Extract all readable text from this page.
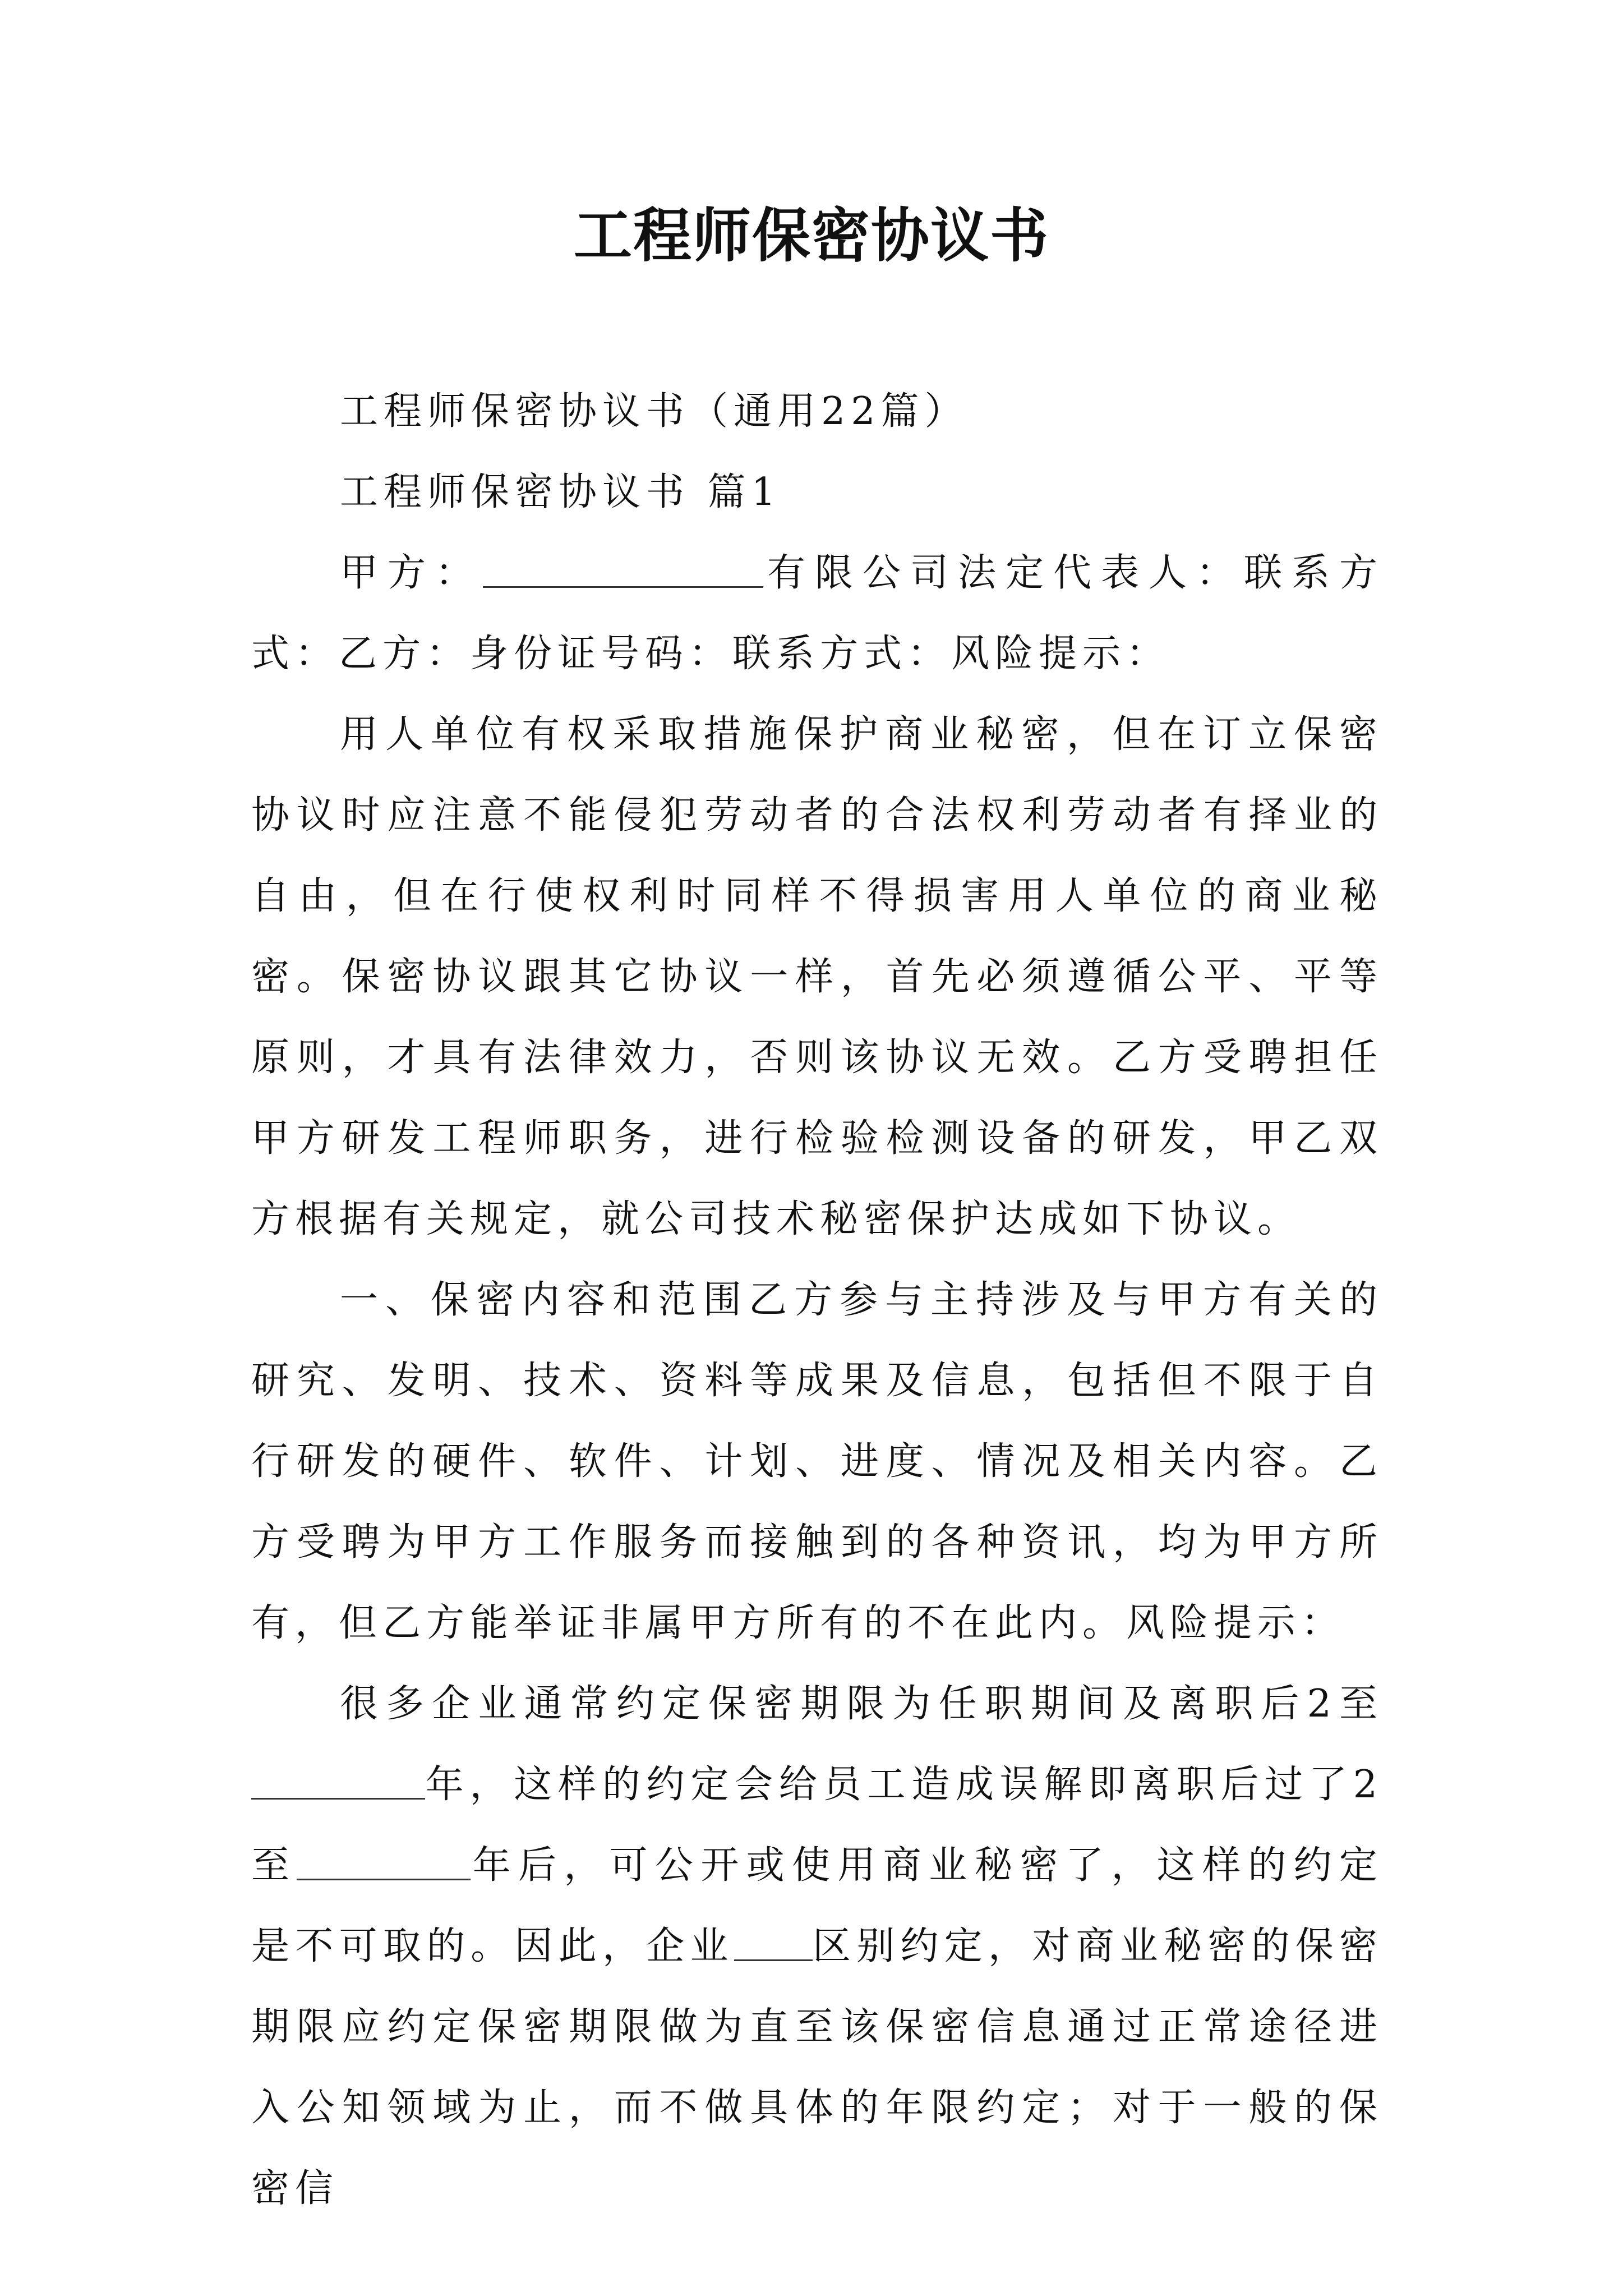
工程师保密协议书

工程师保密协议书（通用22篇）

工程师保密协议书 篇1

甲方：	有限公司法定代表人：联系方式：乙方：身份证号码：联系方式：风险提示：

用人单位有权采取措施保护商业秘密，但在订立保密协议时应注意不能侵犯劳动者的合法权利劳动者有择业的自由，但在行使权利时同样不得损害用人单位的商业秘密。保密协议跟其它协议一样，首先必须遵循公平、平等原则，才具有法律效力，否则该协议无效。乙方受聘担任甲方研发工程师职务，进行检验检测设备的研发，甲乙双方根据有关规定，就公司技术秘密保护达成如下协议。

一、保密内容和范围乙方参与主持涉及与甲方有关的研究、发明、技术、资料等成果及信息，包括但不限于自行研发的硬件、软件、计划、进度、情况及相关内容。乙方受聘为甲方工作服务而接触到的各种资讯，均为甲方所有，但乙方能举证非属甲方所有的不在此内。风险提示：

很多企业通常约定保密期限为任职期间及离职后2至年，这样的约定会给员工造成误解即离职后过了2至	年后，可公开或使用商业秘密了，这样的约定是不可取的。因此，企业 区别约定，对商业秘密的保密期限应约定保密期限做为直至该保密信息通过正常途径进入公知领域为止，而不做具体的年限约定；对于一般的保密信
